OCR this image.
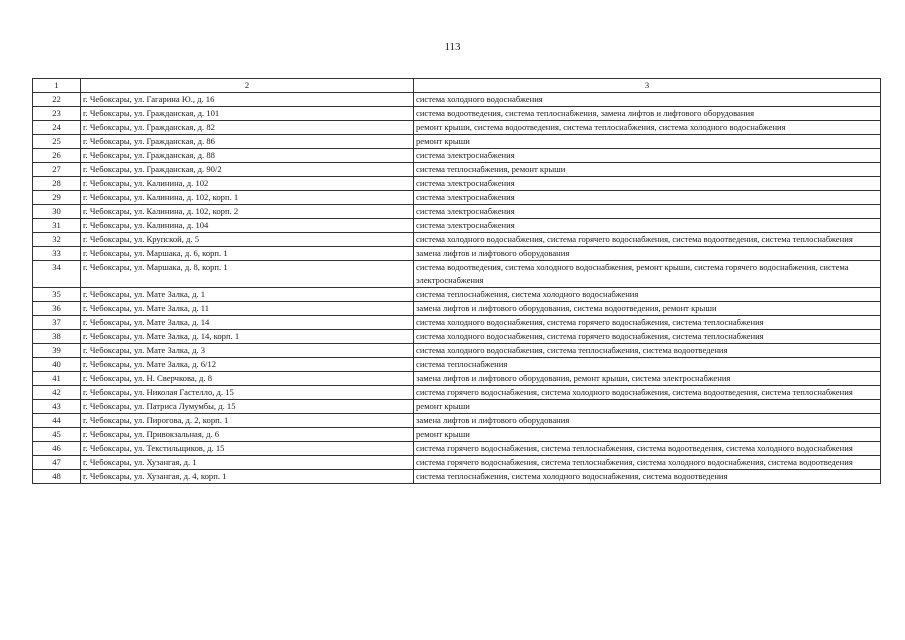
113
1	2	3
22	г. Чебоксары, ул. Гагарина Ю., д. 16	система холодного водоснабжения
23	г. Чебоксары, ул. Гражданская, д. 101	система водоотведения, система теплоснабжения, замена лифтов и лифтового оборудования
24	г. Чебоксары, ул. Гражданская, д. 82	ремонт крыши, система водоотведения, система теплоснабжения, система холодного водоснабжения
25	г. Чебоксары, ул. Гражданская, д. 86	ремонт крыши
26	г. Чебоксары, ул. Гражданская, д. 88	система электроснабжения
27	г. Чебоксары, ул. Гражданская, д. 90/2	система теплоснабжения, ремонт крыши
28	г. Чебоксары, ул. Калинина, д. 102	система электроснабжения
29	г. Чебоксары, ул. Калинина, д. 102, корп. 1	система электроснабжения
30	г. Чебоксары, ул. Калинина, д. 102, корп. 2	система электроснабжения
31	г. Чебоксары, ул. Калинина, д. 104	система электроснабжения
32	г. Чебоксары, ул. Крупской, д. 5	система холодного водоснабжения, система горячего водоснабжения, система водоотведения, система теплоснабжения
33	г. Чебоксары, ул. Маршака, д. 6, корп. 1	замена лифтов и лифтового оборудования
34	г. Чебоксары, ул. Маршака, д. 8, корп. 1	система водоотведения, система холодного водоснабжения, ремонт крыши, система горячего водоснабжения, система электроснабжения
35	г. Чебоксары, ул. Мате Залка, д. 1	система теплоснабжения, система холодного водоснабжения
36	г. Чебоксары, ул. Мате Залка, д. 11	замена лифтов и лифтового оборудования, система водоотведения, ремонт крыши
37	г. Чебоксары, ул. Мате Залка, д. 14	система холодного водоснабжения, система горячего водоснабжения, система теплоснабжения
38	г. Чебоксары, ул. Мате Залка, д. 14, корп. 1	система холодного водоснабжения, система горячего водоснабжения, система теплоснабжения
39	г. Чебоксары, ул. Мате Залка, д. 3	система холодного водоснабжения, система теплоснабжения, система водоотведения
40	г. Чебоксары, ул. Мате Залка, д. 6/12	система теплоснабжения
41	г. Чебоксары, ул. Н. Сверчкова, д. 8	замена лифтов и лифтового оборудования, ремонт крыши, система электроснабжения
42	г. Чебоксары, ул. Николая Гастелло, д. 15	система горячего водоснабжения, система холодного водоснабжения, система водоотведения, система теплоснабжения
43	г. Чебоксары, ул. Патриса Лумумбы, д. 15	ремонт крыши
44	г. Чебоксары, ул. Пирогова, д. 2, корп. 1	замена лифтов и лифтового оборудования
45	г. Чебоксары, ул. Привокзальная, д. 6	ремонт крыши
46	г. Чебоксары, ул. Текстильщиков, д. 15	система горячего водоснабжения, система теплоснабжения, система водоотведения, система холодного водоснабжения
47	г. Чебоксары, ул. Хузангая, д. 1	система горячего водоснабжения, система теплоснабжения, система холодного водоснабжения, система водоотведения
48	г. Чебоксары, ул. Хузангая, д. 4, корп. 1	система теплоснабжения, система холодного водоснабжения, система водоотведения
